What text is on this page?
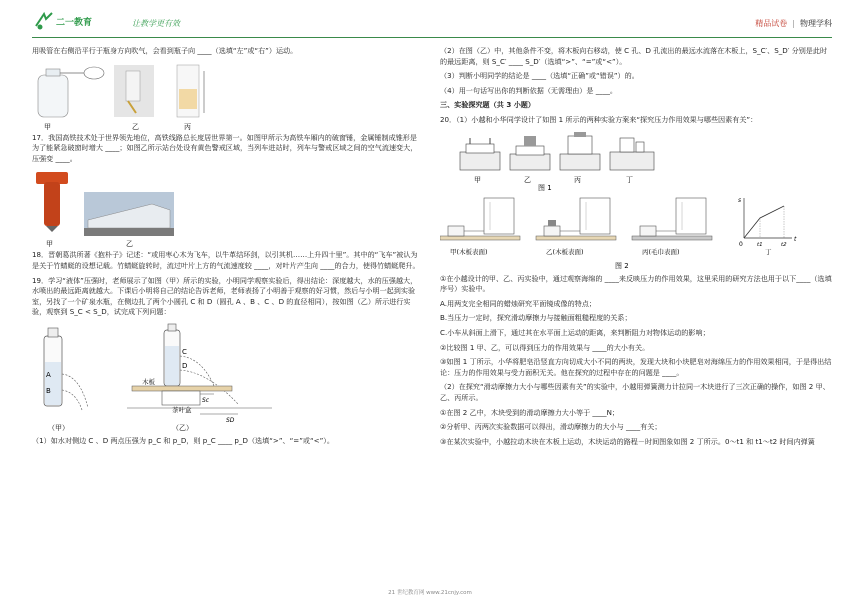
二一教育	让教学更有效	精品试卷 | 物理学科

用吸管在右侧沿平行于瓶身方向吹气，会看到瓶子向 ____（选填“左”或“右”）运动。

甲	乙	丙

17．我国高铁技术处于世界领先地位，高铁线路总长度居世界第一。如图甲所示为高铁车厢内的破窗锤，金属锤制成锥形是为了能紧急破窗时增大 ____；如图乙所示站台处设有黄色警戒区域，当列车进站时，列车与警戒区域之间的空气流速变大，压强变 ____。

甲	乙

18．晋朝葛洪所著《抱朴子》记述：“或用枣心木为飞车，以牛革结环剑，以引其机……上升四十里”。其中的“飞车”被认为是关于竹蜻蜓的设想记载。竹蜻蜓旋转时，流过叶片上方的气流速度较 ____，对叶片产生向 ____的合力，使得竹蜻蜓爬升。

19．学习“液体”压强时，老师展示了如图（甲）所示的实验，小明同学观察实验后，得出结论：深度越大，水的压强越大，水喷出的最远距离就越大。下课后小明将自己的结论告诉老师，老师表扬了小明善于观察的好习惯，然后与小明一起到实验室，另找了一个矿泉水瓶，在侧边扎了两个小圆孔 C 和 D（圆孔 A 、B 、C 、D 的直径相同），按如图（乙）所示进行实验，观察到 S_C < S_D，试完成下列问题：

A
B
（甲）
C
D
木板
茶叶盒
Sc
SD
（乙）

（1）如水对侧边 C 、D 两点压强为 p_C 和 p_D，则 p_C ____ p_D（选填“>”、“=”或“<”）。

（2）在图（乙）中，其他条件不变，将木板向右移动，使 C 孔、D 孔流出的最远水流落在木板上，S_C′、S_D′ 分别是此时的最远距离，则 S_C′ ____ S_D′（选填“>”、“=”或“<”）。

（3）判断小明同学的结论是 ____（选填“正确”或“错误”）的。

（4）用一句话写出你的判断依据（无需理由）是 ____。

三、实验探究题（共 3 小题）

20．（1）小越和小华同学设计了如图 1 所示的两种实验方案来“探究压力作用效果与哪些因素有关”：

甲	乙	丙	丁
图 1
s
t
0	t1	t2
甲(木板表面)	乙(木板表面)	丙(毛巾表面)	丁
图 2

①在小越设计的甲、乙、丙实验中，通过观察海绵的 ____来反映压力的作用效果，这里采用的研究方法也用于以下____（选填序号）实验中。

A.用两支完全相同的蜡烛研究平面镜成像的特点；

B.当压力一定时，探究滑动摩擦力与接触面粗糙程度的关系；

C.小车从斜面上滑下，通过其在水平面上运动的距离，来判断阻力对物体运动的影响；

②比较图 1 甲、乙，可以得到压力的作用效果与 ____的大小有关。

③如图 1 丁所示，小华将肥皂沿竖直方向切成大小不同的两块，发现大块和小块肥皂对海绵压力的作用效果相同，于是得出结论：压力的作用效果与受力面积无关。他在探究的过程中存在的问题是 ____。

（2）在探究“滑动摩擦力大小与哪些因素有关”的实验中，小越用弹簧测力计拉同一木块进行了三次正确的操作，如图 2 甲、乙、丙所示。

①在图 2 乙中，木块受到的滑动摩擦力大小等于 ____N；

②分析甲、丙两次实验数据可以得出，滑动摩擦力的大小与 ____有关；

③在某次实验中，小越拉动木块在木板上运动，木块运动的路程－时间图象如图 2 丁所示。0～t1 和 t1～t2 时间内弹簧

21 世纪教育网 www.21cnjy.com
